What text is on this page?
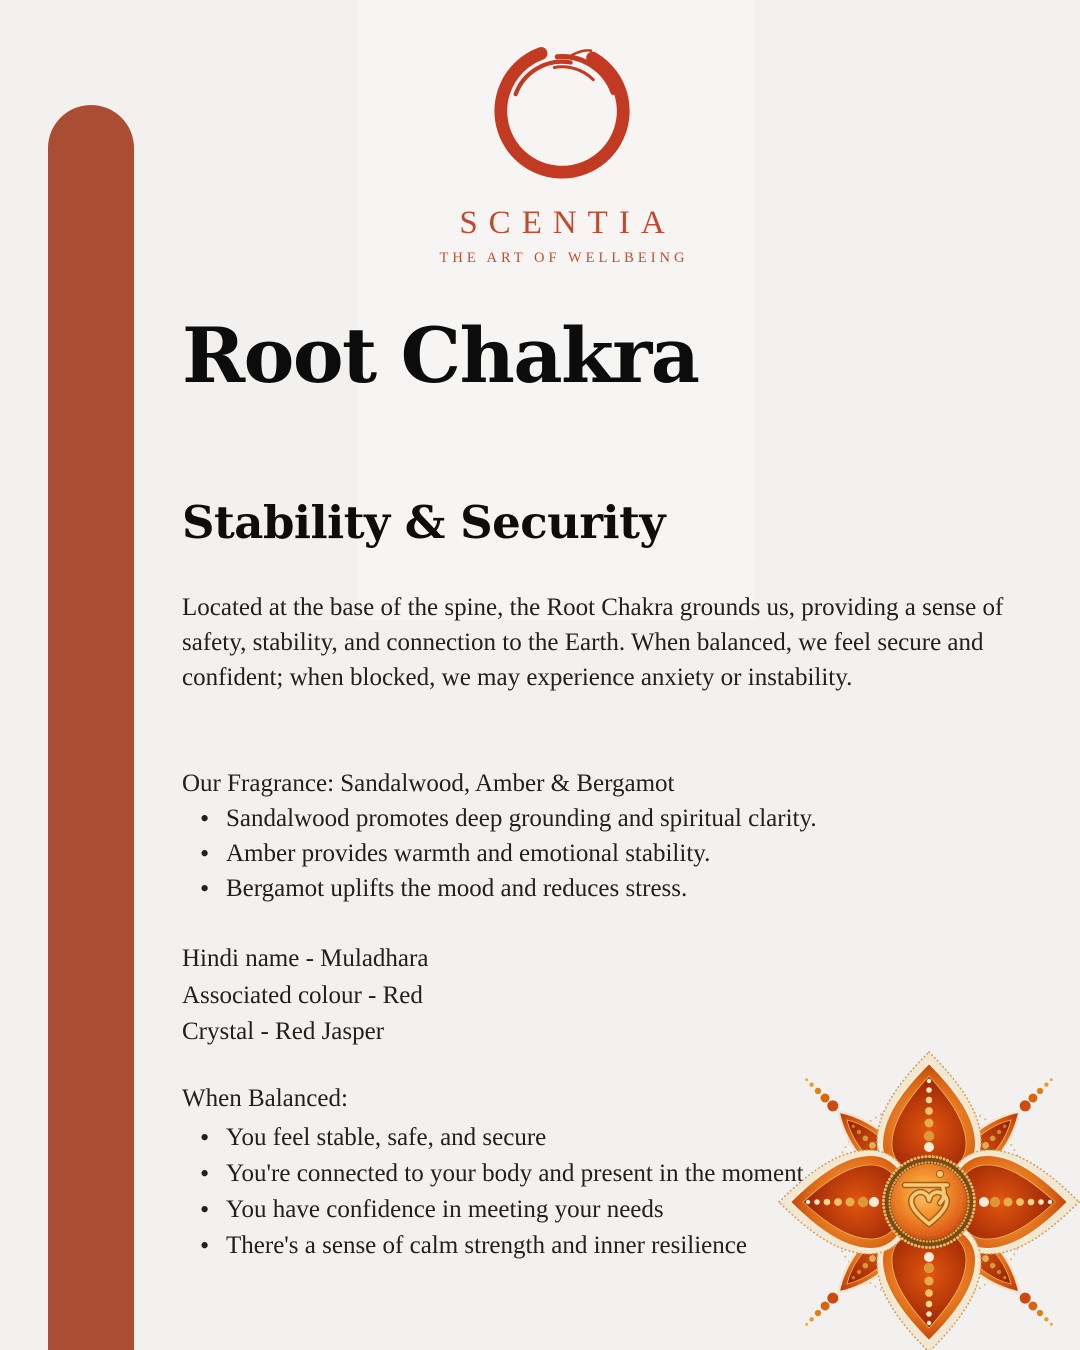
SCENTIA
THE ART OF WELLBEING
Root Chakra
Stability & Security

Located at the base of the spine, the Root Chakra grounds us, providing a sense of safety, stability, and connection to the Earth. When balanced, we feel secure and confident; when blocked, we may experience anxiety or instability.

Our Fragrance: Sandalwood, Amber & Bergamot
• Sandalwood promotes deep grounding and spiritual clarity.
• Amber provides warmth and emotional stability.
• Bergamot uplifts the mood and reduces stress.
Hindi name - Muladhara
Associated colour - Red
Crystal - Red Jasper
When Balanced:
• You feel stable, safe, and secure
• You're connected to your body and present in the moment
• You have confidence in meeting your needs
• There's a sense of calm strength and inner resilience
